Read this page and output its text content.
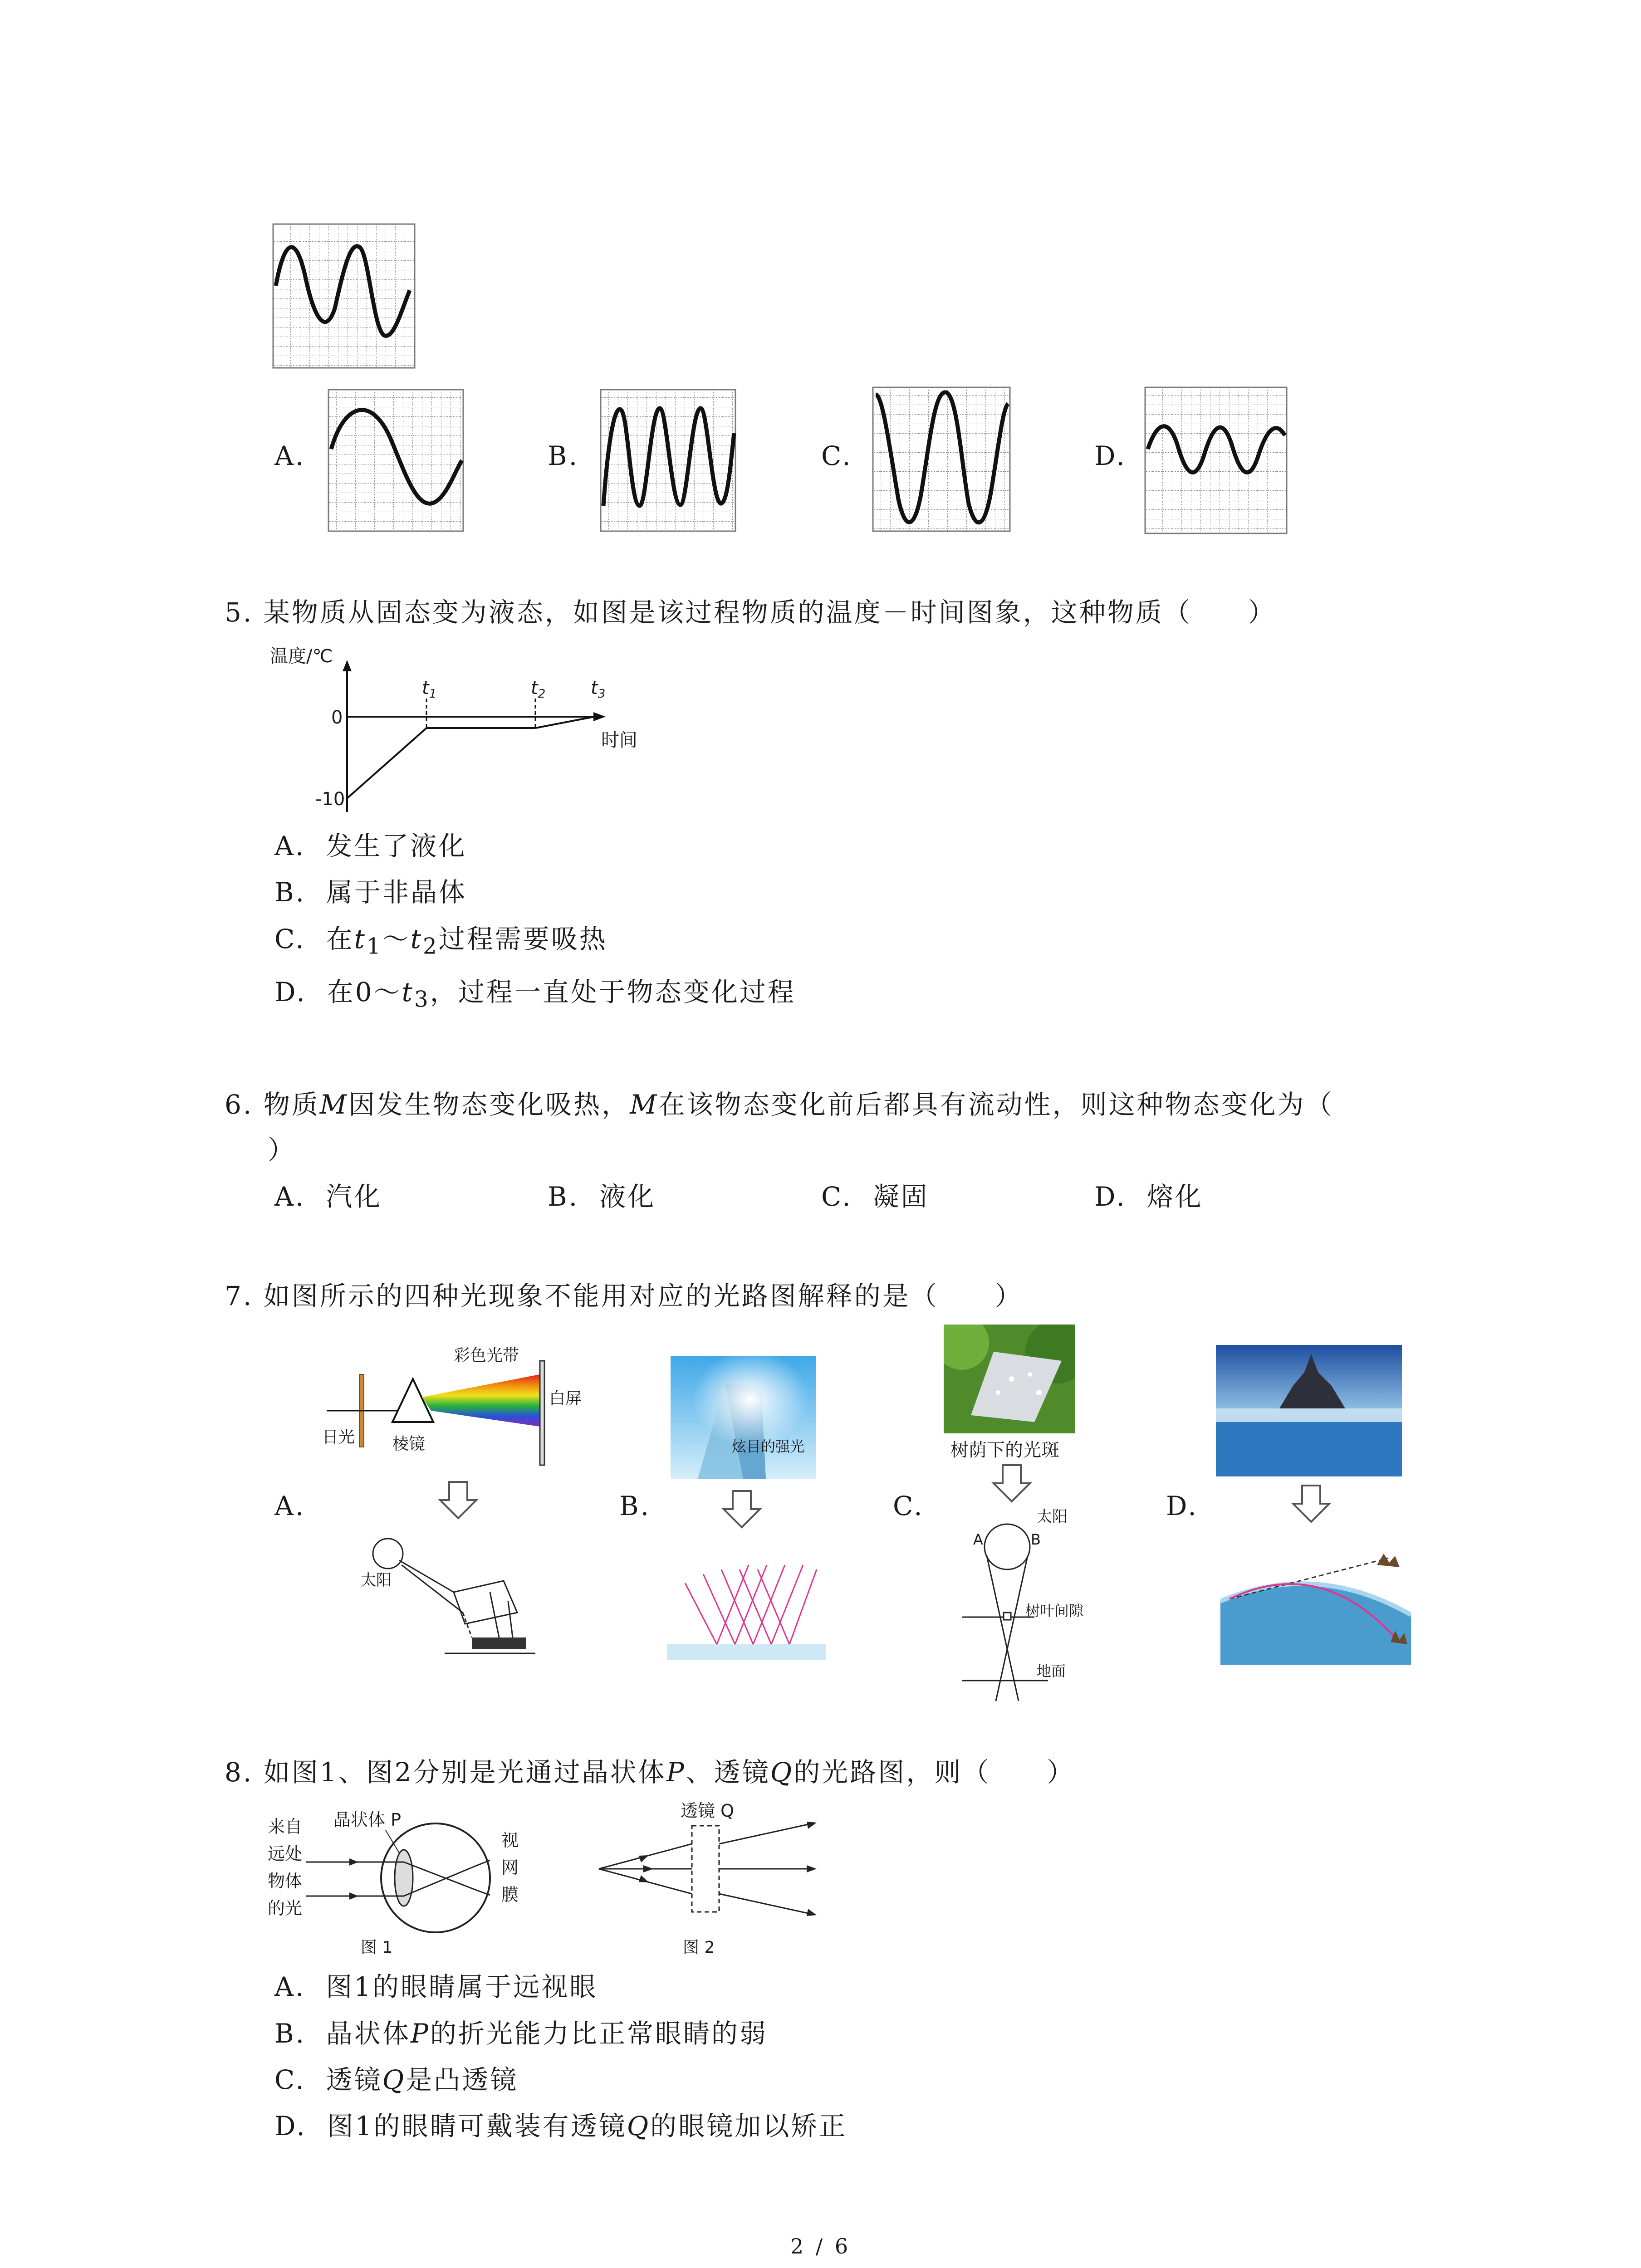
A.	B.	C.	D.
5. 某物质从固态变为液态，如图是该过程物质的温度－时间图象，这种物质（　　）
温度/℃
0
-10
$t_1$	$t_2$ $t_3$
时间
A. 发生了液化
B. 属于非晶体
C. 在$t_1\sim t_2$过程需要吸热
D. 在$0\sim t_3$，过程一直处于物态变化过程
6. 物质M因发生物态变化吸热，M在该物态变化前后都具有流动性，则这种物态变化为（
）
A. 汽化	B. 液化	C. 凝固	D. 熔化
7. 如图所示的四种光现象不能用对应的光路图解释的是（　　）
A.	B.	C.	D.
彩色光带
日光
白屏
棱镜
太阳
炫目的强光	树荫下的光斑
太阳
A	B
树叶间隙
地面
8. 如图1、图2分别是光通过晶状体P、透镜Q的光路图，则（　　）
来自
远处
物体
的光
晶状体 P
视
网
膜
图 1
透镜 Q
图 2
A. 图1的眼睛属于远视眼
B. 晶状体P的折光能力比正常眼睛的弱
C. 透镜Q是凸透镜
D. 图1的眼睛可戴装有透镜Q的眼镜加以矫正
2 / 6
